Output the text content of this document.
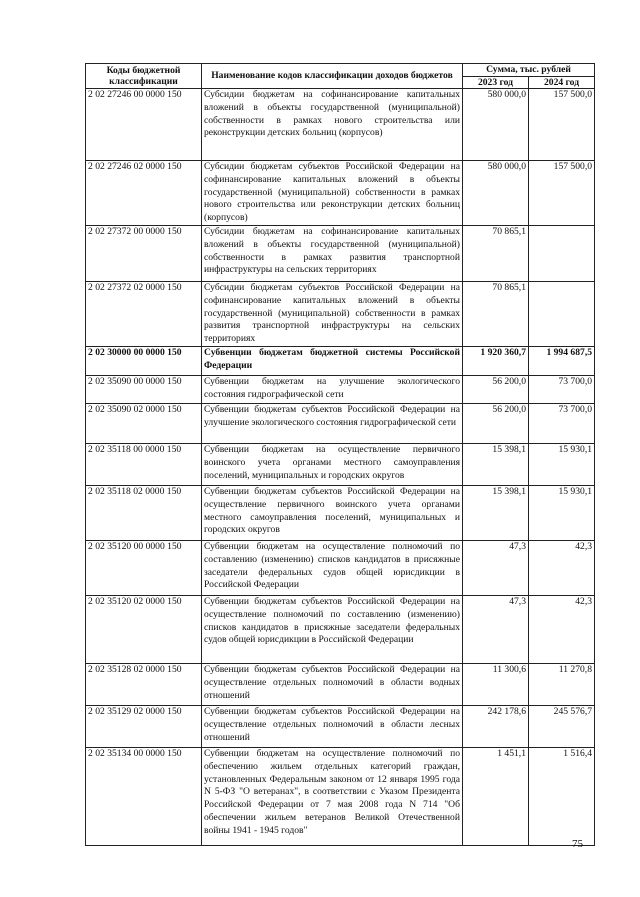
Коды бюджетной классификации	Наименование кодов классификации доходов бюджетов	Сумма, тыс. рублей	
		2023 год	2024 год
2 02 27246 00 0000 150	Субсидии бюджетам на софинансирование капитальных вложений в объекты государственной (муниципальной) собственности в рамках нового строительства или реконструкции детских больниц (корпусов)	580 000,0	157 500,0
2 02 27246 02 0000 150	Субсидии бюджетам субъектов Российской Федерации на софинансирование капитальных вложений в объекты государственной (муниципальной) собственности в рамках нового строительства или реконструкции детских больниц (корпусов)	580 000,0	157 500,0
2 02 27372 00 0000 150	Субсидии бюджетам на софинансирование капитальных вложений в объекты государственной (муниципальной) собственности в рамках развития транспортной инфраструктуры на сельских территориях	70 865,1	
2 02 27372 02 0000 150	Субсидии бюджетам субъектов Российской Федерации на софинансирование капитальных вложений в объекты государственной (муниципальной) собственности в рамках развития транспортной инфраструктуры на сельских территориях	70 865,1	
2 02 30000 00 0000 150	Субвенции бюджетам бюджетной системы Российской Федерации	1 920 360,7	1 994 687,5
2 02 35090 00 0000 150	Субвенции бюджетам на улучшение экологического состояния гидрографической сети	56 200,0	73 700,0
2 02 35090 02 0000 150	Субвенции бюджетам субъектов Российской Федерации на улучшение экологического состояния гидрографической сети	56 200,0	73 700,0
2 02 35118 00 0000 150	Субвенции бюджетам на осуществление первичного воинского учета органами местного самоуправления поселений, муниципальных и городских округов	15 398,1	15 930,1
2 02 35118 02 0000 150	Субвенции бюджетам субъектов Российской Федерации на осуществление первичного воинского учета органами местного самоуправления поселений, муниципальных и городских округов	15 398,1	15 930,1
2 02 35120 00 0000 150	Субвенции бюджетам на осуществление полномочий по составлению (изменению) списков кандидатов в присяжные заседатели федеральных судов общей юрисдикции в Российской Федерации	47,3	42,3
2 02 35120 02 0000 150	Субвенции бюджетам субъектов Российской Федерации на осуществление полномочий по составлению (изменению) списков кандидатов в присяжные заседатели федеральных судов общей юрисдикции в Российской Федерации	47,3	42,3
2 02 35128 02 0000 150	Субвенции бюджетам субъектов Российской Федерации на осуществление отдельных полномочий в области водных отношений	11 300,6	11 270,8
2 02 35129 02 0000 150	Субвенции бюджетам субъектов Российской Федерации на осуществление отдельных полномочий в области лесных отношений	242 178,6	245 576,7
2 02 35134 00 0000 150	Субвенции бюджетам на осуществление полномочий по обеспечению жильем отдельных категорий граждан, установленных Федеральным законом от 12 января 1995 года N 5-ФЗ "О ветеранах", в соответствии с Указом Президента Российской Федерации от 7 мая 2008 года N 714 "Об обеспечении жильем ветеранов Великой Отечественной войны 1941 - 1945 годов"	1 451,1	1 516,4
75
